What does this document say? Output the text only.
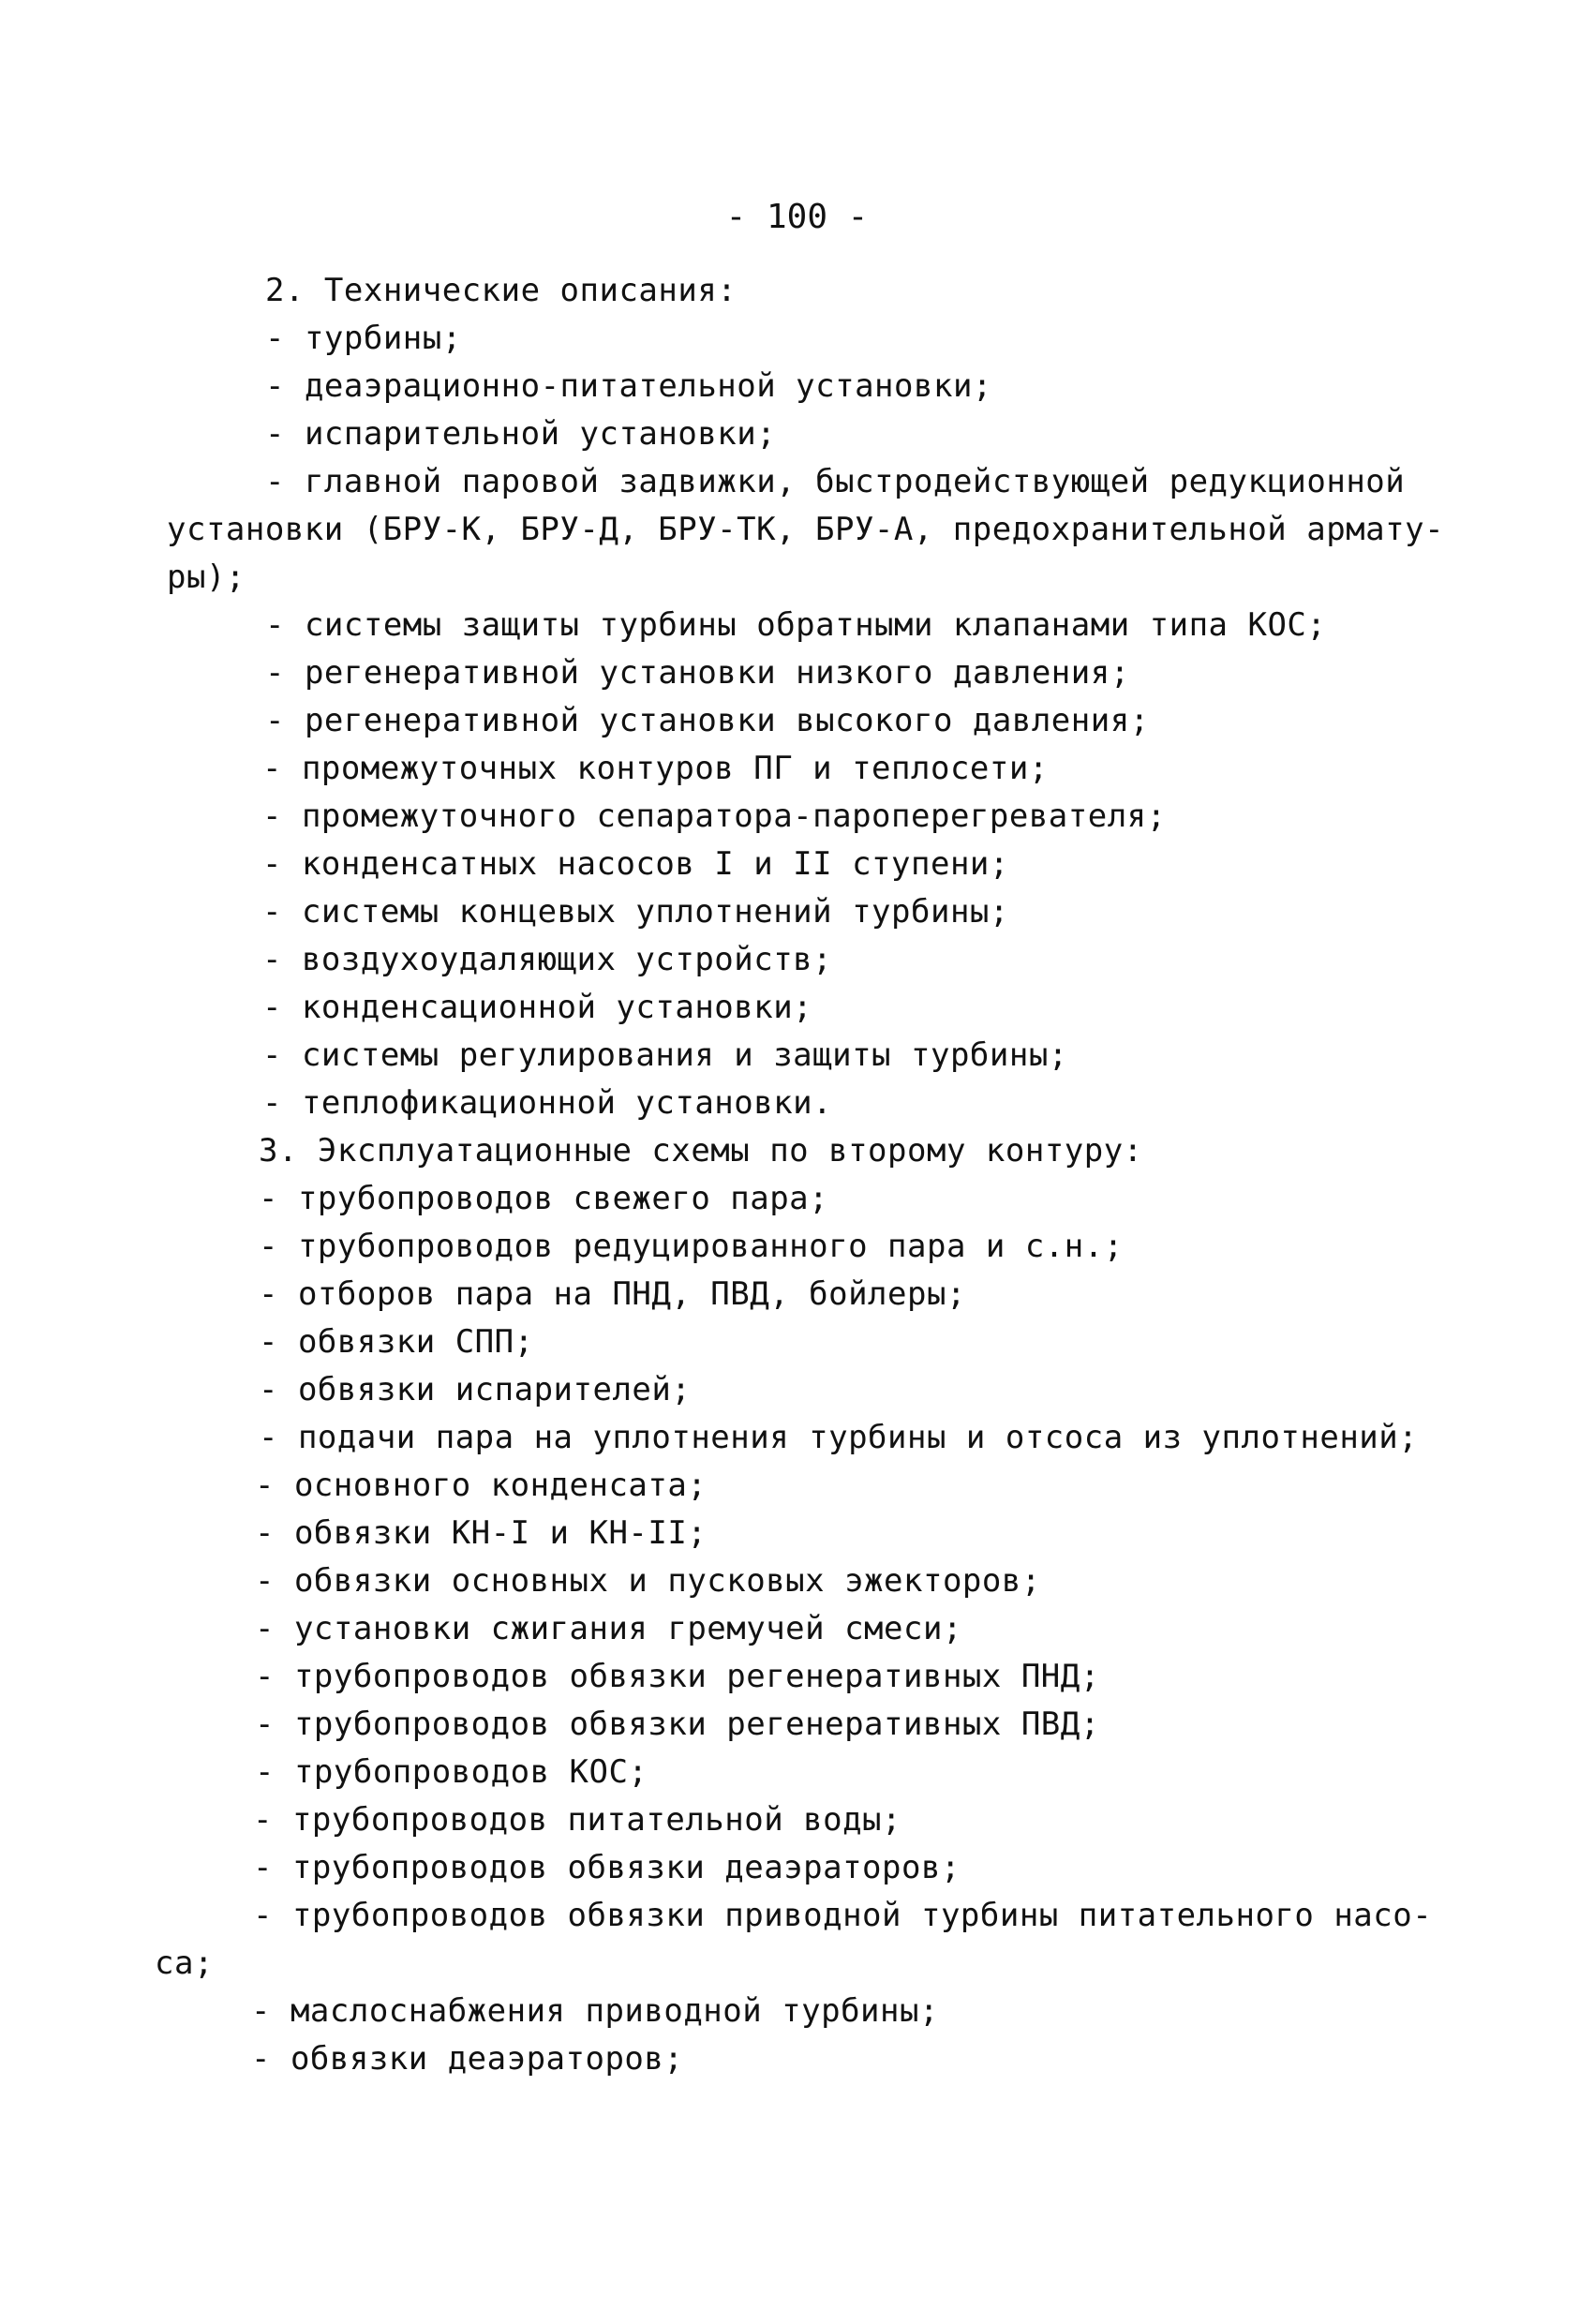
- 100 -
2. Технические описания:
- турбины;
- деаэрационно-питательной установки;
- испарительной установки;
- главной паровой задвижки, быстродействующей редукционной
установки (БРУ-К, БРУ-Д, БРУ-ТК, БРУ-А, предохранительной армату-
ры);
- системы защиты турбины обратными клапанами типа КОС;
- регенеративной установки низкого давления;
- регенеративной установки высокого давления;
- промежуточных контуров ПГ и теплосети;
- промежуточного сепаратора-пароперегревателя;
- конденсатных насосов I и II ступени;
- системы концевых уплотнений турбины;
- воздухоудаляющих устройств;
- конденсационной установки;
- системы регулирования и защиты турбины;
- теплофикационной установки.
3. Эксплуатационные схемы по второму контуру:
- трубопроводов свежего пара;
- трубопроводов редуцированного пара и с.н.;
- отборов пара на ПНД, ПВД, бойлеры;
- обвязки СПП;
- обвязки испарителей;
- подачи пара на уплотнения турбины и отсоса из уплотнений;
- основного конденсата;
- обвязки КН-I и КН-II;
- обвязки основных и пусковых эжекторов;
- установки сжигания гремучей смеси;
- трубопроводов обвязки регенеративных ПНД;
- трубопроводов обвязки регенеративных ПВД;
- трубопроводов КОС;
- трубопроводов питательной воды;
- трубопроводов обвязки деаэраторов;
- трубопроводов обвязки приводной турбины питательного насо-
са;
- маслоснабжения приводной турбины;
- обвязки деаэраторов;
